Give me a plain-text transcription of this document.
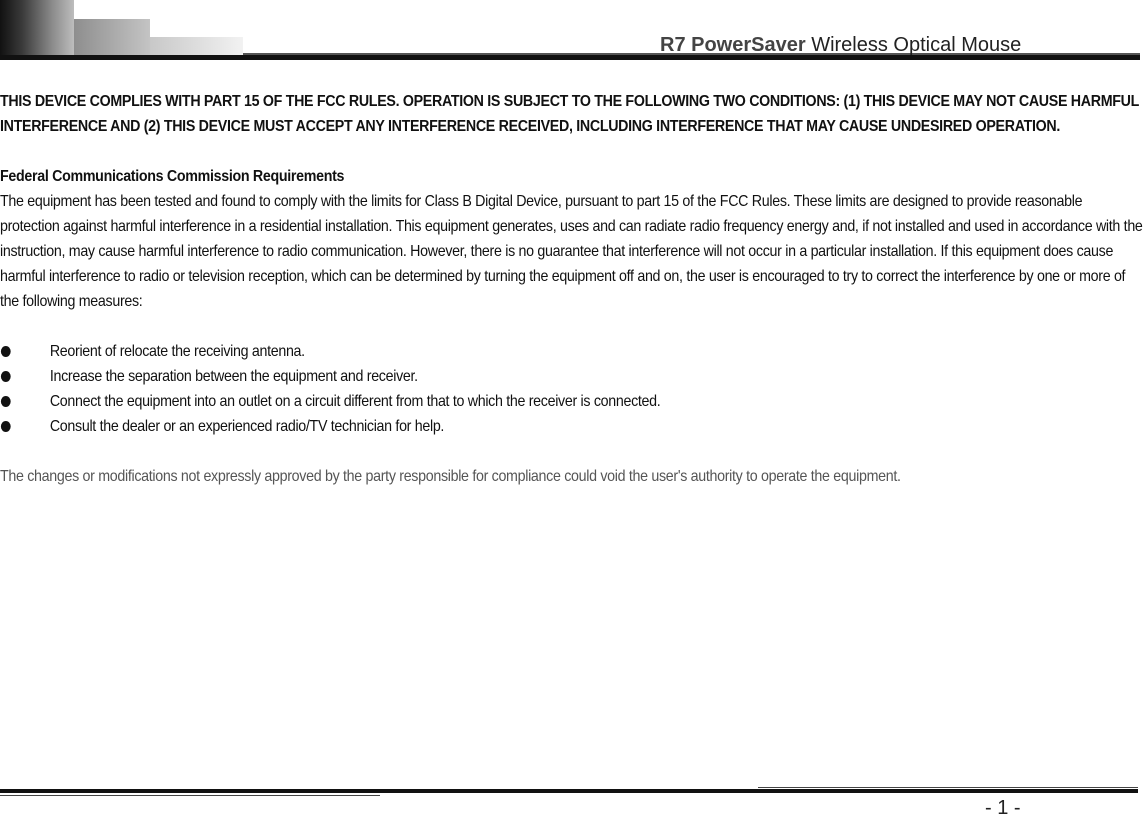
R7 PowerSaver Wireless Optical Mouse

THIS DEVICE COMPLIES WITH PART 15 OF THE FCC RULES. OPERATION IS SUBJECT TO THE FOLLOWING TWO CONDITIONS: (1) THIS DEVICE MAY NOT CAUSE HARMFUL INTERFERENCE AND (2) THIS DEVICE MUST ACCEPT ANY INTERFERENCE RECEIVED, INCLUDING INTERFERENCE THAT MAY CAUSE UNDESIRED OPERATION.

Federal Communications Commission Requirements

The equipment has been tested and found to comply with the limits for Class B Digital Device, pursuant to part 15 of the FCC Rules. These limits are designed to provide reasonable protection against harmful interference in a residential installation. This equipment generates, uses and can radiate radio frequency energy and, if not installed and used in accordance with the instruction, may cause harmful interference to radio communication. However, there is no guarantee that interference will not occur in a particular installation. If this equipment does cause harmful interference to radio or television reception, which can be determined by turning the equipment off and on, the user is encouraged to try to correct the interference by one or more of the following measures:

Reorient of relocate the receiving antenna.
Increase the separation between the equipment and receiver.
Connect the equipment into an outlet on a circuit different from that to which the receiver is connected.
Consult the dealer or an experienced radio/TV technician for help.

The changes or modifications not expressly approved by the party responsible for compliance could void the user's authority to operate the equipment.

- 1 -
